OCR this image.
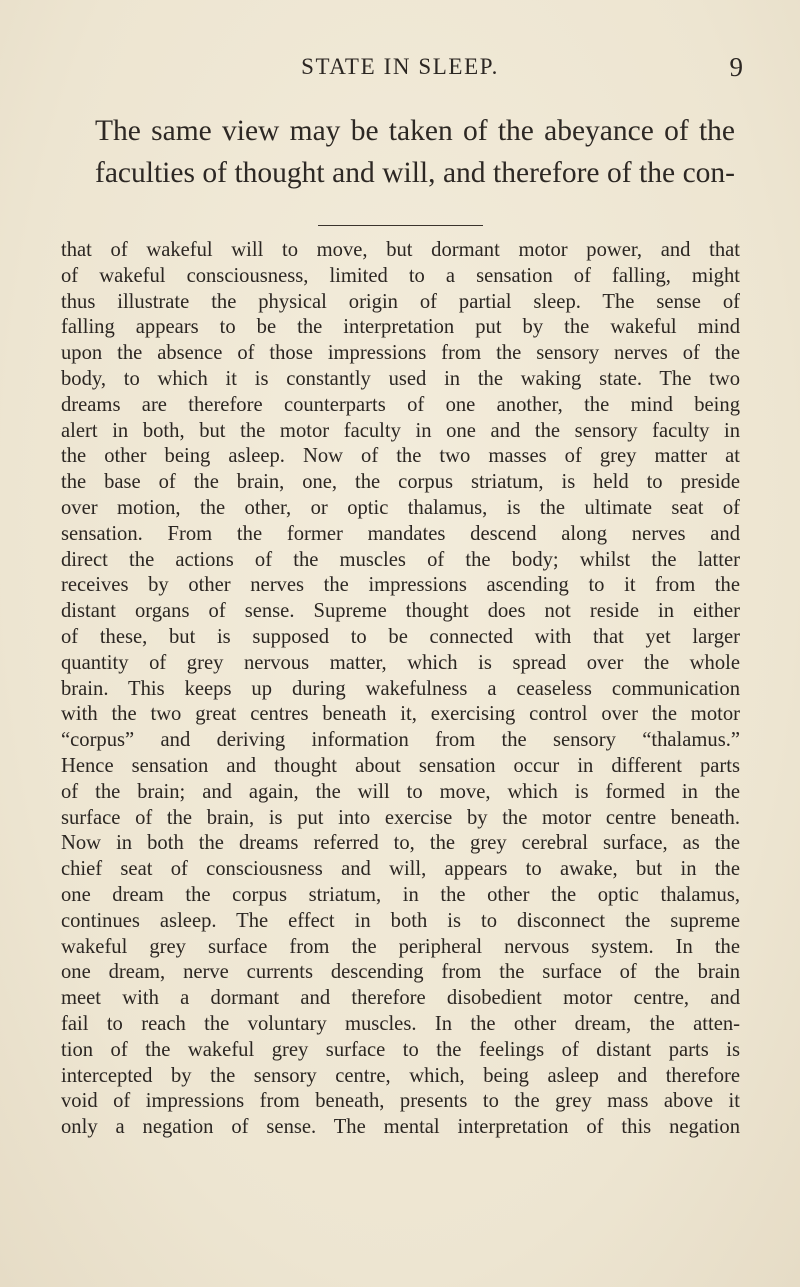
STATE IN SLEEP.	9
The same view may be taken of the abeyance of the
faculties of thought and will, and therefore of the con-
that of wakeful will to move, but dormant motor power, and that
of wakeful consciousness, limited to a sensation of falling, might
thus illustrate the physical origin of partial sleep. The sense of
falling appears to be the interpretation put by the wakeful mind
upon the absence of those impressions from the sensory nerves of the
body, to which it is constantly used in the waking state. The two
dreams are therefore counterparts of one another, the mind being
alert in both, but the motor faculty in one and the sensory faculty in
the other being asleep. Now of the two masses of grey matter at
the base of the brain, one, the corpus striatum, is held to preside
over motion, the other, or optic thalamus, is the ultimate seat of
sensation. From the former mandates descend along nerves and
direct the actions of the muscles of the body; whilst the latter
receives by other nerves the impressions ascending to it from the
distant organs of sense. Supreme thought does not reside in either
of these, but is supposed to be connected with that yet larger
quantity of grey nervous matter, which is spread over the whole
brain. This keeps up during wakefulness a ceaseless communication
with the two great centres beneath it, exercising control over the motor
“corpus” and deriving information from the sensory “thalamus.”
Hence sensation and thought about sensation occur in different parts
of the brain; and again, the will to move, which is formed in the
surface of the brain, is put into exercise by the motor centre beneath.
Now in both the dreams referred to, the grey cerebral surface, as the
chief seat of consciousness and will, appears to awake, but in the
one dream the corpus striatum, in the other the optic thalamus,
continues asleep. The effect in both is to disconnect the supreme
wakeful grey surface from the peripheral nervous system. In the
one dream, nerve currents descending from the surface of the brain
meet with a dormant and therefore disobedient motor centre, and
fail to reach the voluntary muscles. In the other dream, the atten-
tion of the wakeful grey surface to the feelings of distant parts is
intercepted by the sensory centre, which, being asleep and therefore
void of impressions from beneath, presents to the grey mass above it
only a negation of sense. The mental interpretation of this negation
